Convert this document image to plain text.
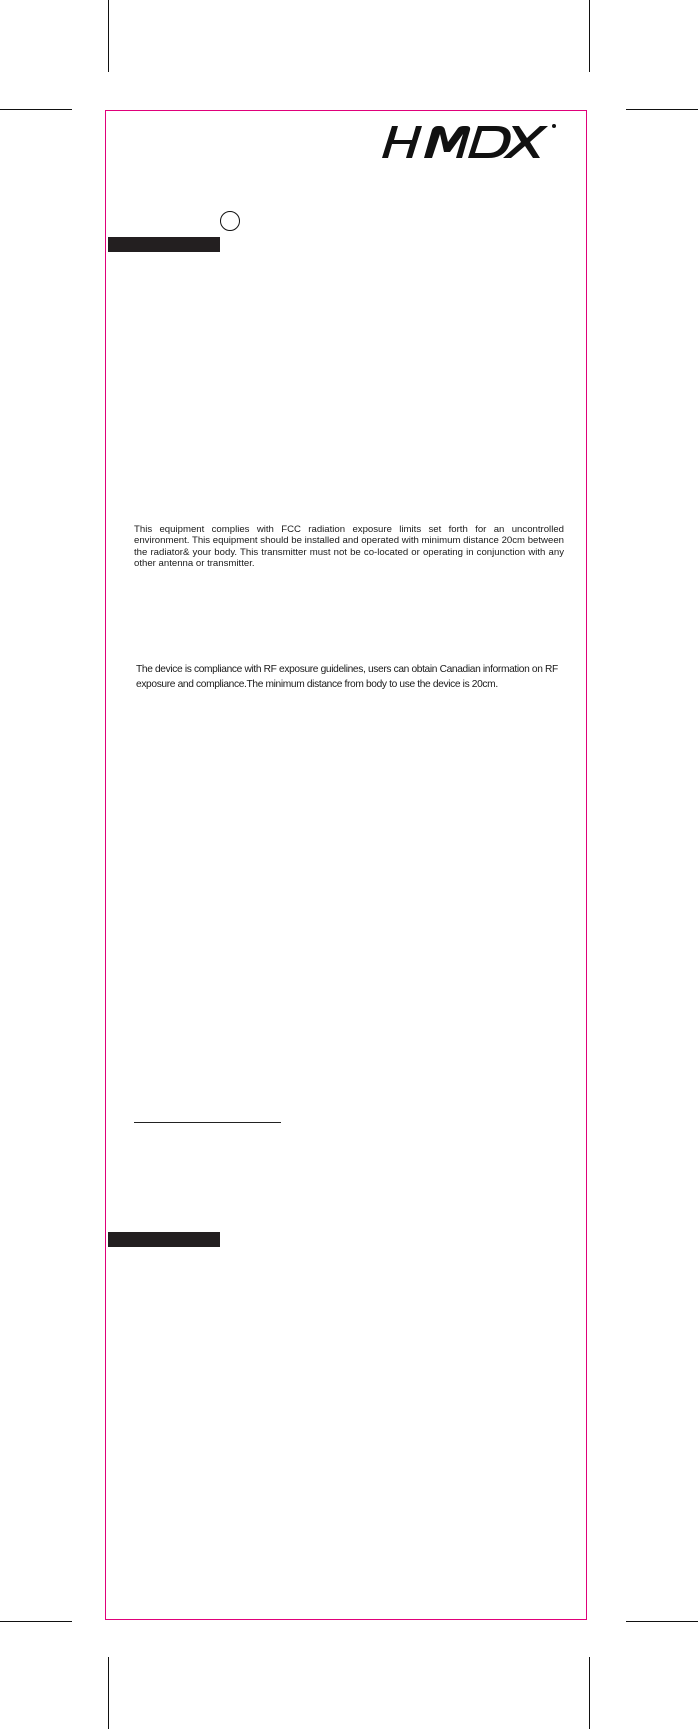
This equipment complies with FCC radiation exposure limits set forth for an uncontrolled environment. This equipment should be installed and operated with minimum distance 20cm between the radiator& your body. This transmitter must not be co-located or operating in conjunction with any other antenna or transmitter.
The device is compliance with RF exposure guidelines, users can obtain Canadian information on RF exposure and compliance.The minimum distance from body to use the device is 20cm.
